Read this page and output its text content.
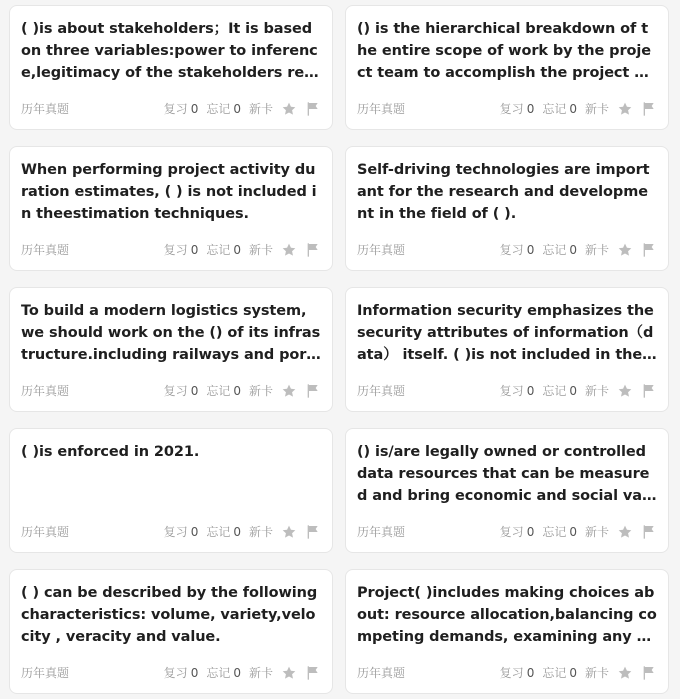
( )is about stakeholders；It is based on three variables:power to inference,legitimacy of the stakeholders rela
历年真题	复习 0 忘记 0 新卡
() is the hierarchical breakdown of the entire scope of work by the project team to accomplish the project ob
历年真题	复习 0 忘记 0 新卡
When performing project activity duration estimates, ( ) is not included in theestimation techniques.
历年真题	复习 0 忘记 0 新卡
Self-driving technologies are important for the research and development in the field of ( ).
历年真题	复习 0 忘记 0 新卡
To build a modern logistics system, we should work on the () of its infrastructure.including railways and port
历年真题	复习 0 忘记 0 新卡
Information security emphasizes the security attributes of information（data） itself. ( )is not included in the s
历年真题	复习 0 忘记 0 新卡
( )is enforced in 2021.
历年真题	复习 0 忘记 0 新卡
() is/are legally owned or controlled data resources that can be measured and bring economic and social val
历年真题	复习 0 忘记 0 新卡
( ) can be described by the following characteristics: volume, variety,velocity , veracity and value.
历年真题	复习 0 忘记 0 新卡
Project( )includes making choices about: resource allocation,balancing competing demands, examining any al
历年真题	复习 0 忘记 0 新卡
